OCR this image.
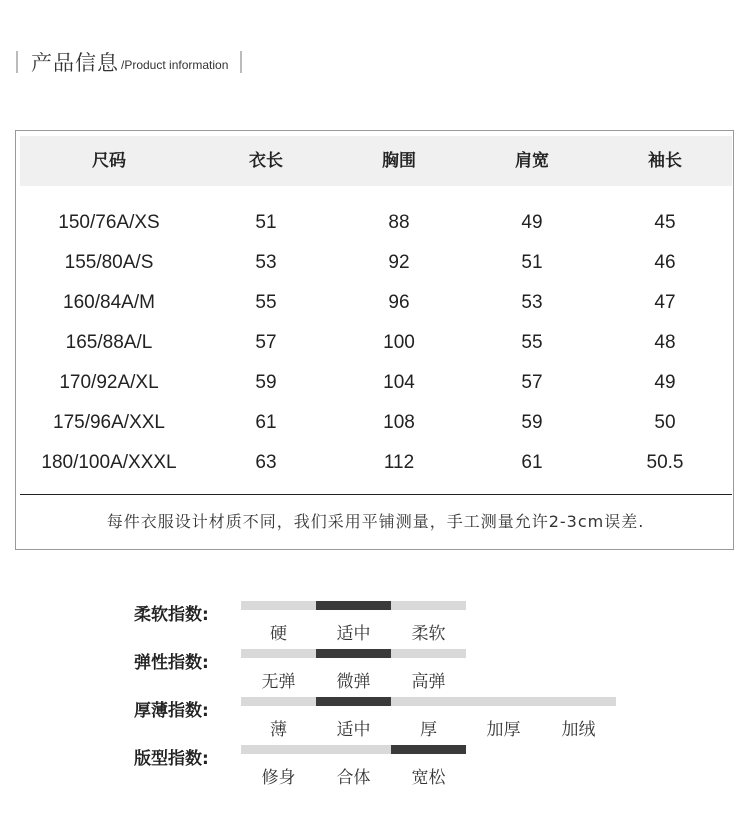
产品信息 /Product information
尺码	衣长	胸围	肩宽	袖长
150/76A/XS	51	88	49	45
155/80A/S	53	92	51	46
160/84A/M	55	96	53	47
165/88A/L	57	100	55	48
170/92A/XL	59	104	57	49
175/96A/XXL	61	108	59	50
180/100A/XXXL	63	112	61	50.5
每件衣服设计材质不同，我们采用平铺测量，手工测量允许2-3cm误差.
柔软指数:
硬	适中	柔软
弹性指数:
无弹	微弹	高弹
厚薄指数:
薄	适中	厚	加厚	加绒
版型指数:
修身	合体	宽松
